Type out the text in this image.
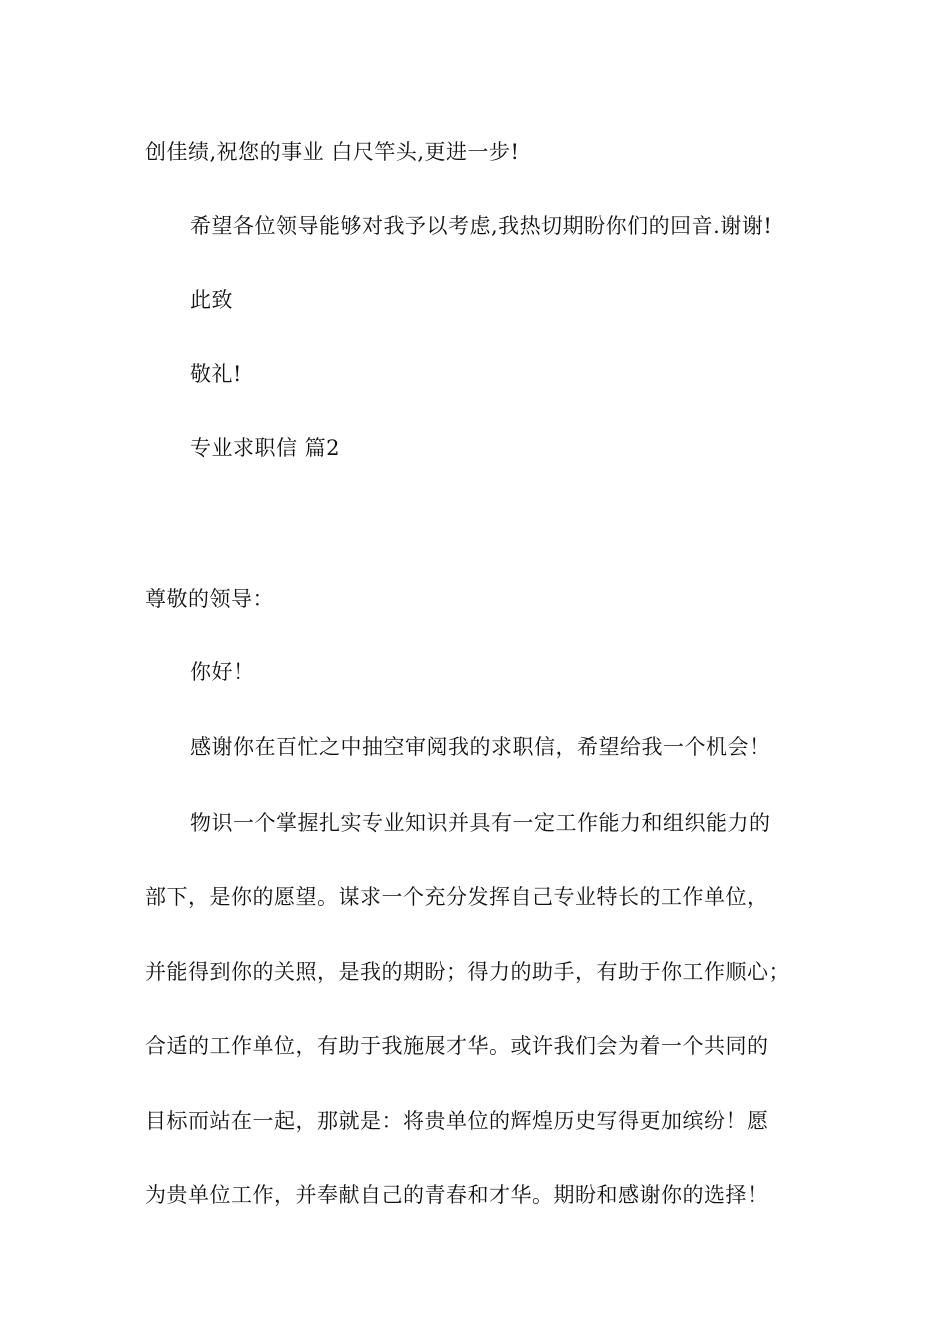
创佳绩,祝您的事业 白尺竿头,更进一步!
希望各位领导能够对我予以考虑,我热切期盼你们的回音.谢谢!
此致
敬礼!
专业求职信 篇2
尊敬的领导：
你好！
感谢你在百忙之中抽空审阅我的求职信，希望给我一个机会！
物识一个掌握扎实专业知识并具有一定工作能力和组织能力的
部下，是你的愿望。谋求一个充分发挥自己专业特长的工作单位，
并能得到你的关照，是我的期盼；得力的助手，有助于你工作顺心；
合适的工作单位，有助于我施展才华。或许我们会为着一个共同的
目标而站在一起，那就是：将贵单位的辉煌历史写得更加缤纷！愿
为贵单位工作，并奉献自己的青春和才华。期盼和感谢你的选择！
